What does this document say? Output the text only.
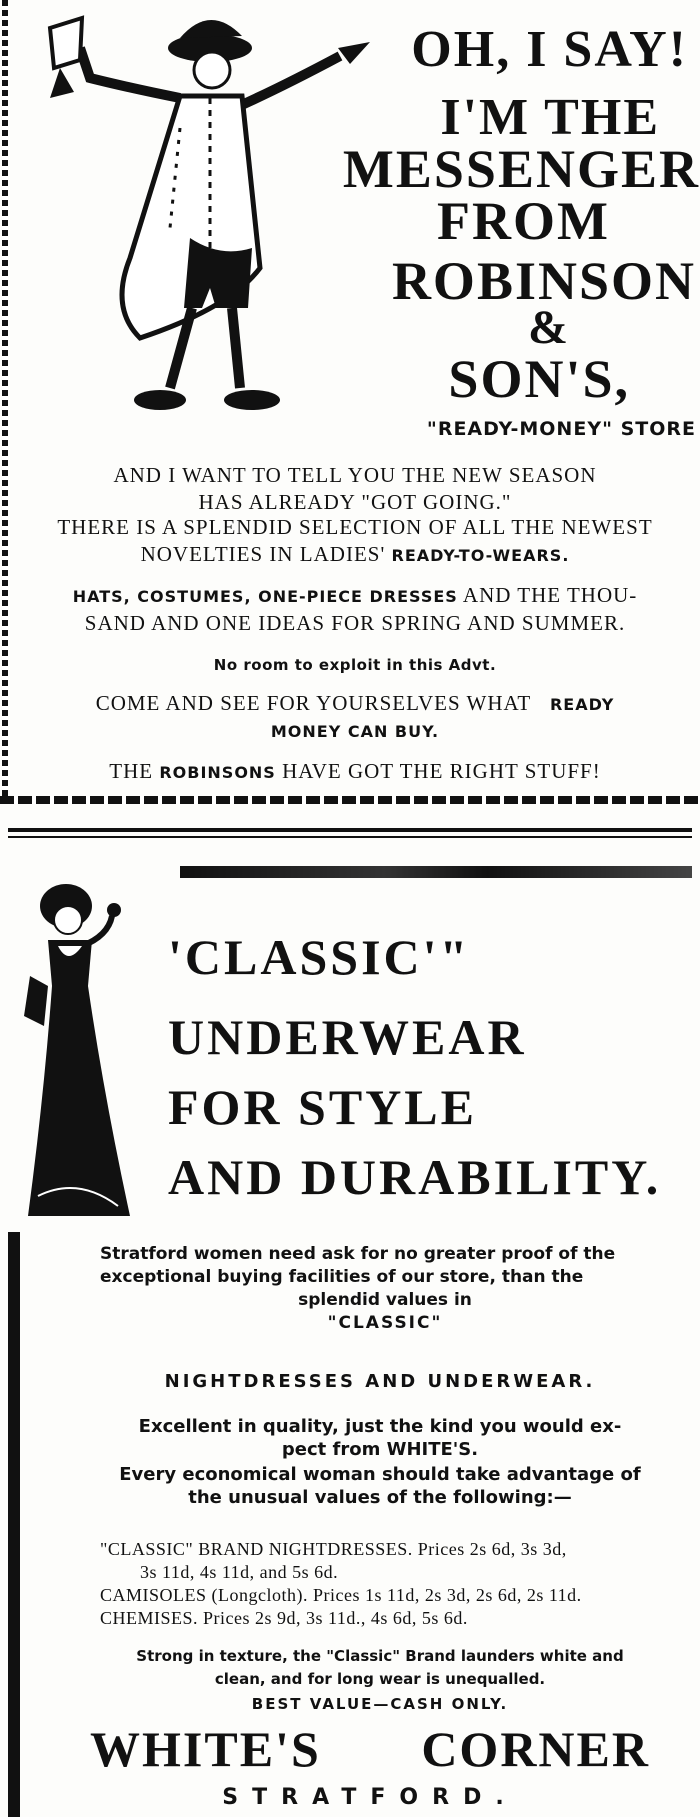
OH, I SAY!
I'M THE
MESSENGER
FROM
ROBINSON
&
SON'S,
"READY-MONEY" STORE
AND I WANT TO TELL YOU THE NEW SEASON
HAS ALREADY "GOT GOING."
THERE IS A SPLENDID SELECTION OF ALL THE NEWEST
NOVELTIES IN LADIES' READY-TO-WEARS.
HATS, COSTUMES, ONE-PIECE DRESSES AND THE THOU-
SAND AND ONE IDEAS FOR SPRING AND SUMMER.
No room to exploit in this Advt.
COME AND SEE FOR YOURSELVES WHAT READY
MONEY CAN BUY.
THE ROBINSONS HAVE GOT THE RIGHT STUFF!
'CLASSIC'"
UNDERWEAR
FOR STYLE
AND DURABILITY.
Stratford women need ask for no greater proof of the exceptional buying facilities of our store, than the
splendid values in
"CLASSIC"
NIGHTDRESSES AND UNDERWEAR.
Excellent in quality, just the kind you would ex-
pect from WHITE'S.
Every economical woman should take advantage of
the unusual values of the following:—
"CLASSIC" BRAND NIGHTDRESSES. Prices 2s 6d, 3s 3d,
3s 11d, 4s 11d, and 5s 6d.
CAMISOLES (Longcloth). Prices 1s 11d, 2s 3d, 2s 6d, 2s 11d.
CHEMISES. Prices 2s 9d, 3s 11d., 4s 6d, 5s 6d.
Strong in texture, the "Classic" Brand launders white and
clean, and for long wear is unequalled.
BEST VALUE—CASH ONLY.
WHITE'S CORNER
STRATFORD.
